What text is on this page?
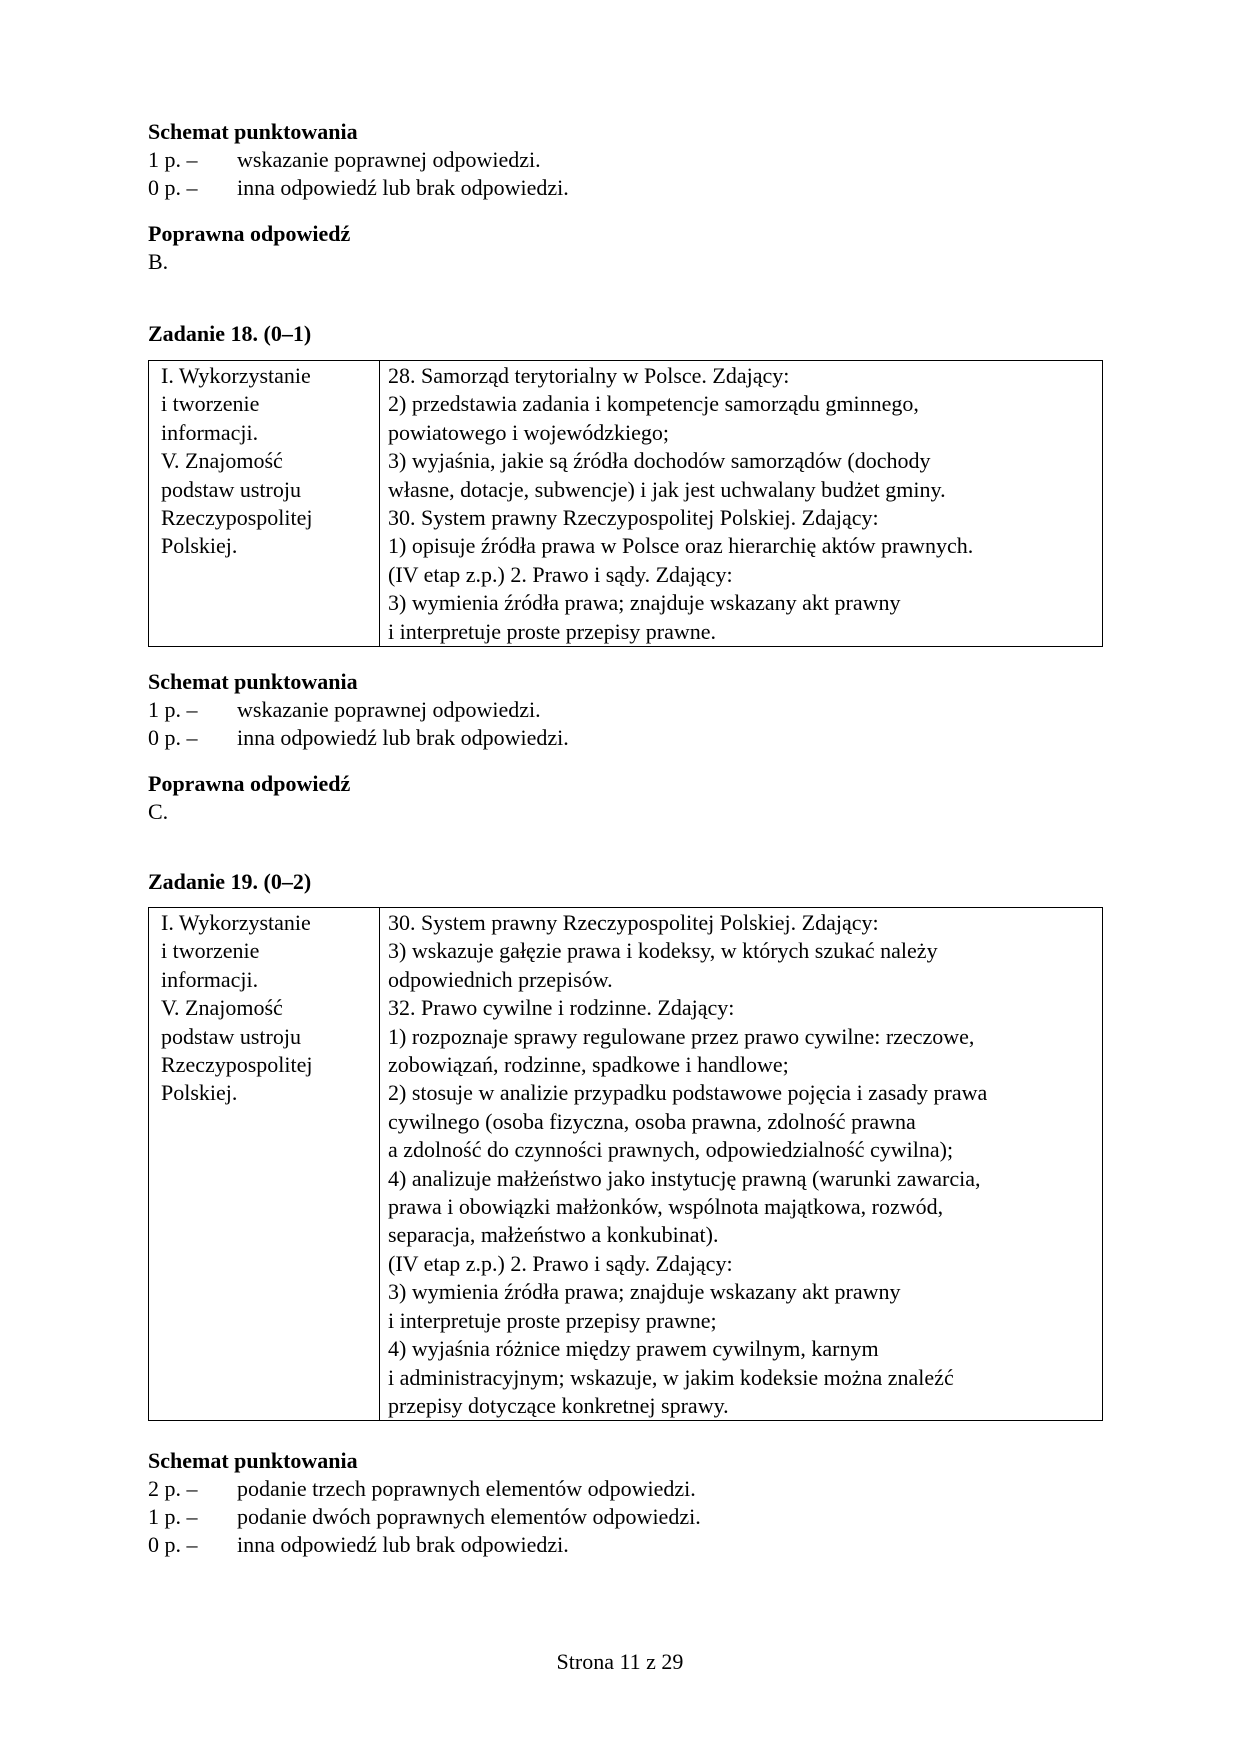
Schemat punktowania
1 p. –	wskazanie poprawnej odpowiedzi.
0 p. –	inna odpowiedź lub brak odpowiedzi.
Poprawna odpowiedź
B.
Zadanie 18. (0–1)
I. Wykorzystanie
i tworzenie
informacji.
V. Znajomość
podstaw ustroju
Rzeczypospolitej
Polskiej.

28. Samorząd terytorialny w Polsce. Zdający:
2) przedstawia zadania i kompetencje samorządu gminnego,
powiatowego i wojewódzkiego;
3) wyjaśnia, jakie są źródła dochodów samorządów (dochody
własne, dotacje, subwencje) i jak jest uchwalany budżet gminy.
30. System prawny Rzeczypospolitej Polskiej. Zdający:
1) opisuje źródła prawa w Polsce oraz hierarchię aktów prawnych.
(IV etap z.p.) 2. Prawo i sądy. Zdający:
3) wymienia źródła prawa; znajduje wskazany akt prawny
i interpretuje proste przepisy prawne.
Schemat punktowania
1 p. –	wskazanie poprawnej odpowiedzi.
0 p. –	inna odpowiedź lub brak odpowiedzi.
Poprawna odpowiedź
C.
Zadanie 19. (0–2)
I. Wykorzystanie
i tworzenie
informacji.
V. Znajomość
podstaw ustroju
Rzeczypospolitej
Polskiej.

30. System prawny Rzeczypospolitej Polskiej. Zdający:
3) wskazuje gałęzie prawa i kodeksy, w których szukać należy
odpowiednich przepisów.
32. Prawo cywilne i rodzinne. Zdający:
1) rozpoznaje sprawy regulowane przez prawo cywilne: rzeczowe,
zobowiązań, rodzinne, spadkowe i handlowe;
2) stosuje w analizie przypadku podstawowe pojęcia i zasady prawa
cywilnego (osoba fizyczna, osoba prawna, zdolność prawna
a zdolność do czynności prawnych, odpowiedzialność cywilna);
4) analizuje małżeństwo jako instytucję prawną (warunki zawarcia,
prawa i obowiązki małżonków, wspólnota majątkowa, rozwód,
separacja, małżeństwo a konkubinat).
(IV etap z.p.) 2. Prawo i sądy. Zdający:
3) wymienia źródła prawa; znajduje wskazany akt prawny
i interpretuje proste przepisy prawne;
4) wyjaśnia różnice między prawem cywilnym, karnym
i administracyjnym; wskazuje, w jakim kodeksie można znaleźć
przepisy dotyczące konkretnej sprawy.
Schemat punktowania
2 p. –	podanie trzech poprawnych elementów odpowiedzi.
1 p. –	podanie dwóch poprawnych elementów odpowiedzi.
0 p. –	inna odpowiedź lub brak odpowiedzi.
Strona 11 z 29
